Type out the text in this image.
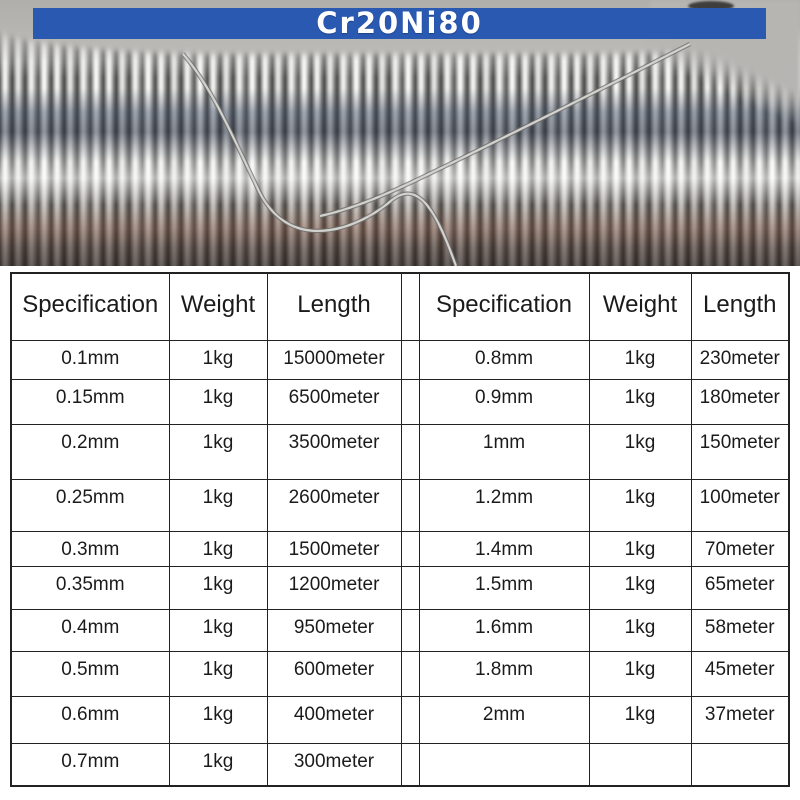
Cr20Ni80
Specification	Weight	Length		Specification	Weight	Length
0.1mm	1kg	15000meter		0.8mm	1kg	230meter
0.15mm	1kg	6500meter		0.9mm	1kg	180meter
0.2mm	1kg	3500meter		1mm	1kg	150meter
0.25mm	1kg	2600meter		1.2mm	1kg	100meter
0.3mm	1kg	1500meter		1.4mm	1kg	70meter
0.35mm	1kg	1200meter		1.5mm	1kg	65meter
0.4mm	1kg	950meter		1.6mm	1kg	58meter
0.5mm	1kg	600meter		1.8mm	1kg	45meter
0.6mm	1kg	400meter		2mm	1kg	37meter
0.7mm	1kg	300meter				
